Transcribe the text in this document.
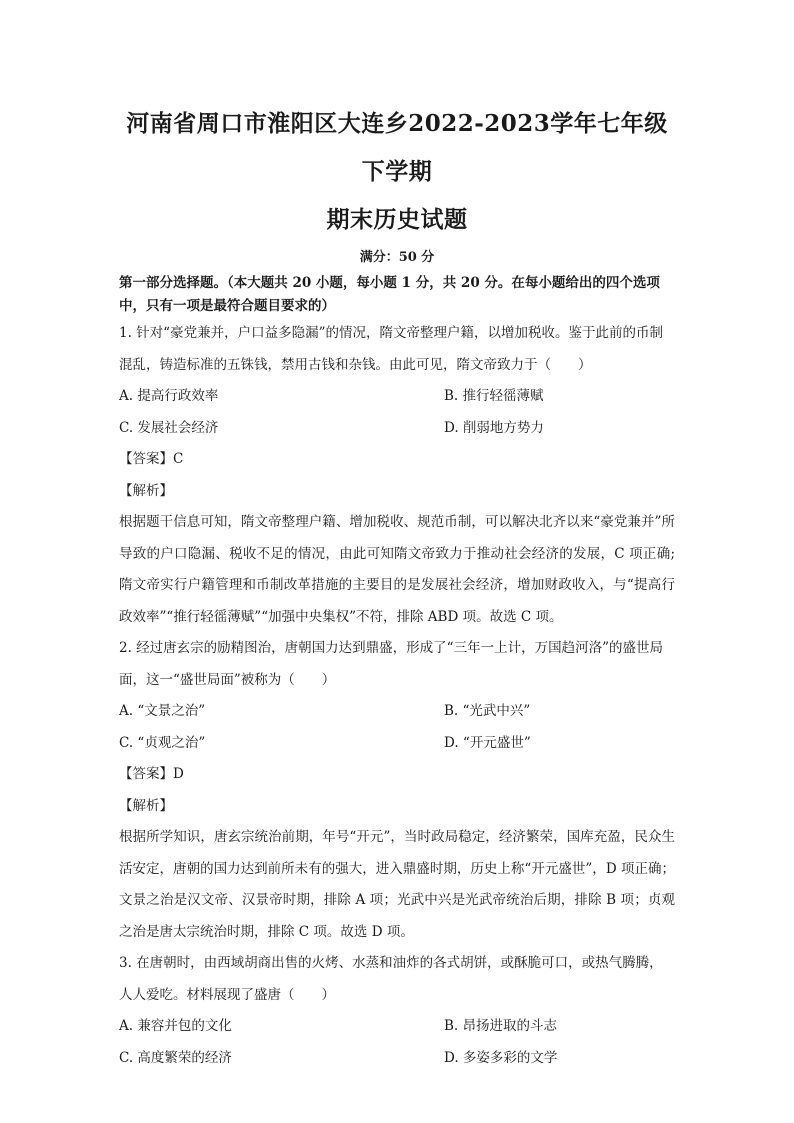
河南省周口市淮阳区大连乡2022-2023学年七年级下学期
期末历史试题

满分：50 分

第一部分选择题。（本大题共 20 小题，每小题 1 分，共 20 分。在每小题给出的四个选项中，只有一项是最符合题目要求的）

1. 针对“豪党兼并，户口益多隐漏”的情况，隋文帝整理户籍，以增加税收。鉴于此前的币制混乱，铸造标准的五铢钱，禁用古钱和杂钱。由此可见，隋文帝致力于（　　）

A. 提高行政效率	B. 推行轻徭薄赋
C. 发展社会经济	D. 削弱地方势力

【答案】C

【解析】

根据题干信息可知，隋文帝整理户籍、增加税收、规范币制，可以解决北齐以来“豪党兼并”所导致的户口隐漏、税收不足的情况，由此可知隋文帝致力于推动社会经济的发展，C 项正确;隋文帝实行户籍管理和币制改革措施的主要目的是发展社会经济，增加财政收入，与“提高行政效率”“推行轻徭薄赋”“加强中央集权”不符，排除 ABD 项。故选 C 项。

2. 经过唐玄宗的励精图治，唐朝国力达到鼎盛，形成了“三年一上计，万国趋河洛”的盛世局面，这一“盛世局面”被称为（　　）

A. “文景之治”	B. “光武中兴”
C. “贞观之治”	D. “开元盛世”

【答案】D

【解析】

根据所学知识，唐玄宗统治前期，年号“开元”，当时政局稳定，经济繁荣，国库充盈，民众生活安定，唐朝的国力达到前所未有的强大，进入鼎盛时期，历史上称“开元盛世”，D 项正确；文景之治是汉文帝、汉景帝时期，排除 A 项；光武中兴是光武帝统治后期，排除 B 项；贞观之治是唐太宗统治时期，排除 C 项。故选 D 项。

3. 在唐朝时，由西域胡商出售的火烤、水蒸和油炸的各式胡饼，或酥脆可口，或热气腾腾，人人爱吃。材料展现了盛唐（　　）

A. 兼容并包的文化	B. 昂扬进取的斗志
C. 高度繁荣的经济	D. 多姿多彩的文学
